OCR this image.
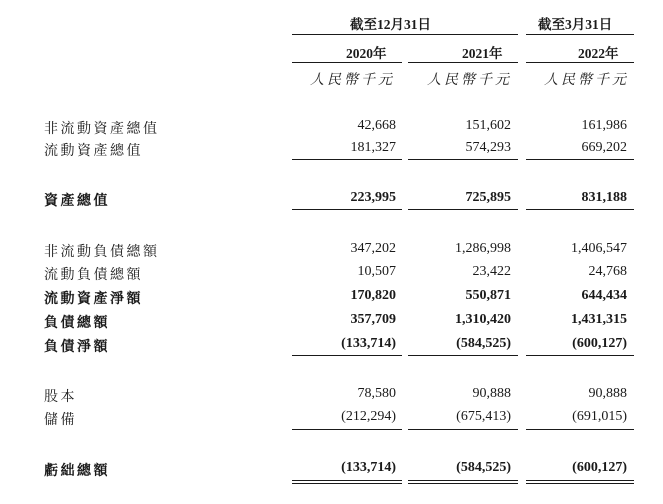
截至12月31日	截至3月31日
2020年	2021年	2022年
人民幣千元 人民幣千元 人民幣千元
非流動資產總值	42,668	151,602	161,986
流動資產總值	181,327	574,293	669,202
資產總值	223,995	725,895	831,188
非流動負債總額	347,202	1,286,998	1,406,547
流動負債總額	10,507	23,422	24,768
流動資產淨額	170,820	550,871	644,434
負債總額	357,709	1,310,420	1,431,315
負債淨額	(133,714)	(584,525)	(600,127)
股本	78,580	90,888	90,888
儲備	(212,294)	(675,413)	(691,015)
虧絀總額	(133,714)	(584,525)	(600,127)
